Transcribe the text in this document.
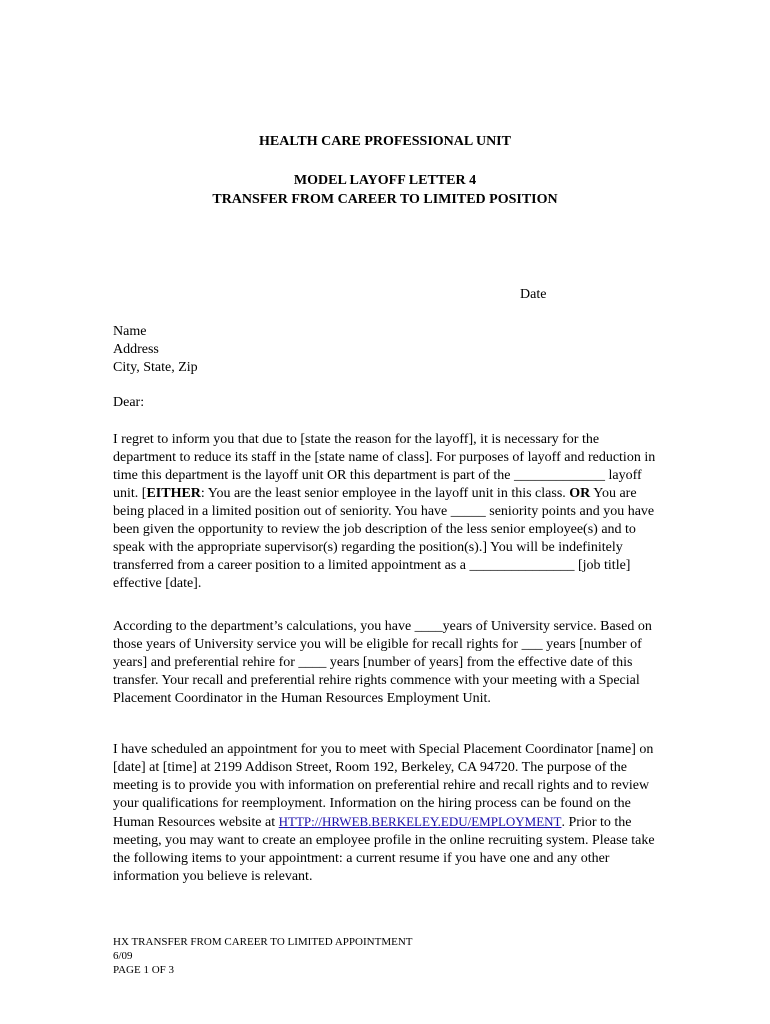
HEALTH CARE PROFESSIONAL UNIT
MODEL LAYOFF LETTER 4
TRANSFER FROM CAREER TO LIMITED POSITION
Date
Name
Address
City, State, Zip
Dear:

I regret to inform you that due to [state the reason for the layoff], it is necessary for the department to reduce its staff in the [state name of class]. For purposes of layoff and reduction in time this department is the layoff unit OR this department is part of the _____________ layoff unit. [EITHER: You are the least senior employee in the layoff unit in this class. OR You are being placed in a limited position out of seniority. You have _____ seniority points and you have been given the opportunity to review the job description of the less senior employee(s) and to speak with the appropriate supervisor(s) regarding the position(s).] You will be indefinitely transferred from a career position to a limited appointment as a _______________ [job title] effective [date].

According to the department’s calculations, you have ____years of University service. Based on those years of University service you will be eligible for recall rights for ___ years [number of years] and preferential rehire for ____ years [number of years] from the effective date of this transfer. Your recall and preferential rehire rights commence with your meeting with a Special Placement Coordinator in the Human Resources Employment Unit.

I have scheduled an appointment for you to meet with Special Placement Coordinator [name] on [date] at [time] at 2199 Addison Street, Room 192, Berkeley, CA 94720. The purpose of the meeting is to provide you with information on preferential rehire and recall rights and to review your qualifications for reemployment. Information on the hiring process can be found on the Human Resources website at HTTP://HRWEB.BERKELEY.EDU/EMPLOYMENT. Prior to the meeting, you may want to create an employee profile in the online recruiting system. Please take the following items to your appointment: a current resume if you have one and any other information you believe is relevant.

HX TRANSFER FROM CAREER TO LIMITED APPOINTMENT
6/09
PAGE 1 OF 3
